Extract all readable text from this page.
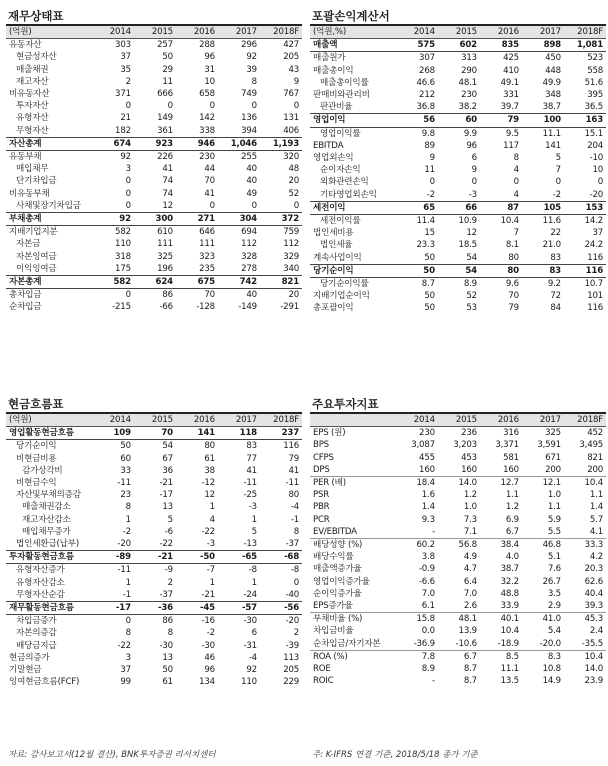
재무상태표
(억원)	2014	2015	2016	2017	2018F
유동자산	303	257	288	296	427
현금성자산	37	50	96	92	205
매출채권	35	29	31	39	43
재고자산	2	11	10	8	9
비유동자산	371	666	658	749	767
투자자산	0	0	0	0	0
유형자산	21	149	142	136	131
무형자산	182	361	338	394	406
자산총계	674	923	946	1,046	1,193
유동부채	92	226	230	255	320
매입채무	3	41	44	40	48
단기차입금	0	74	70	40	20
비유동부채	0	74	41	49	52
사채및장기차입금	0	12	0	0	0
부채총계	92	300	271	304	372
지배기업지분	582	610	646	694	759
자본금	110	111	111	112	112
자본잉여금	318	325	323	328	329
이익잉여금	175	196	235	278	340
자본총계	582	624	675	742	821
총차입금	0	86	70	40	20
순차입금	-215	-66	-128	-149	-291
포괄손익계산서
(억원,%)	2014	2015	2016	2017	2018F
매출액	575	602	835	898	1,081
매출원가	307	313	425	450	523
매출총이익	268	290	410	448	558
매출총이익률	46.6	48.1	49.1	49.9	51.6
판매비와관리비	212	230	331	348	395
판관비율	36.8	38.2	39.7	38.7	36.5
영업이익	56	60	79	100	163
영업이익률	9.8	9.9	9.5	11.1	15.1
EBITDA	89	96	117	141	204
영업외손익	9	6	8	5	-10
순이자손익	11	9	4	7	10
외화관련손익	0	0	0	0	0
기타영업외손익	-2	-3	4	-2	-20
세전이익	65	66	87	105	153
세전이익률	11.4	10.9	10.4	11.6	14.2
법인세비용	15	12	7	22	37
법인세율	23.3	18.5	8.1	21.0	24.2
계속사업이익	50	54	80	83	116
당기순이익	50	54	80	83	116
당기순이익률	8.7	8.9	9.6	9.2	10.7
지배기업순이익	50	52	70	72	101
총포괄이익	50	53	79	84	116
현금흐름표
(억원)	2014	2015	2016	2017	2018F
영업활동현금흐름	109	70	141	118	237
당기순이익	50	54	80	83	116
비현금비용	60	67	61	77	79
감가상각비	33	36	38	41	41
비현금수익	-11	-21	-12	-11	-11
자산및부채의증감	23	-17	12	-25	80
매출채권감소	8	13	1	-3	-4
재고자산감소	1	5	4	1	-1
매입채무증가	-2	-6	-22	5	8
법인세환급(납부)	-20	-22	-3	-13	-37
투자활동현금흐름	-89	-21	-50	-65	-68
유형자산증가	-11	-9	-7	-8	-8
유형자산감소	1	2	1	1	0
무형자산순감	-1	-37	-21	-24	-40
재무활동현금흐름	-17	-36	-45	-57	-56
차입금증가	0	86	-16	-30	-20
자본의증감	8	8	-2	6	2
배당금지급	-22	-30	-30	-31	-39
현금의증가	3	13	46	-4	113
기말현금	37	50	96	92	205
잉여현금흐름(FCF)	99	61	134	110	229
주요투자지표
	2014	2015	2016	2017	2018F
EPS (원)	230	236	316	325	452
BPS	3,087	3,203	3,371	3,591	3,495
CFPS	455	453	581	671	821
DPS	160	160	160	200	200
PER (배)	18.4	14.0	12.7	12.1	10.4
PSR	1.6	1.2	1.1	1.0	1.1
PBR	1.4	1.0	1.2	1.1	1.4
PCR	9.3	7.3	6.9	5.9	5.7
EV/EBITDA	-	7.1	6.7	5.5	4.1
배당성향 (%)	60.2	56.8	38.4	46.8	33.3
배당수익률	3.8	4.9	4.0	5.1	4.2
매출액증가율	-0.9	4.7	38.7	7.6	20.3
영업이익증가율	-6.6	6.4	32.2	26.7	62.6
순이익증가율	7.0	7.0	48.8	3.5	40.4
EPS증가율	6.1	2.6	33.9	2.9	39.3
부채비율 (%)	15.8	48.1	40.1	41.0	45.3
차입금비율	0.0	13.9	10.4	5.4	2.4
순차입금/자기자본	-36.9	-10.6	-18.9	-20.0	-35.5
ROA (%)	7.8	6.7	8.5	8.3	10.4
ROE	8.9	8.7	11.1	10.8	14.0
ROIC	-	8.7	13.5	14.9	23.9
자료: 감사보고서(12월 결산), BNK투자증권 리서치센터	주: K-IFRS 연결 기준, 2018/5/18 종가 기준
